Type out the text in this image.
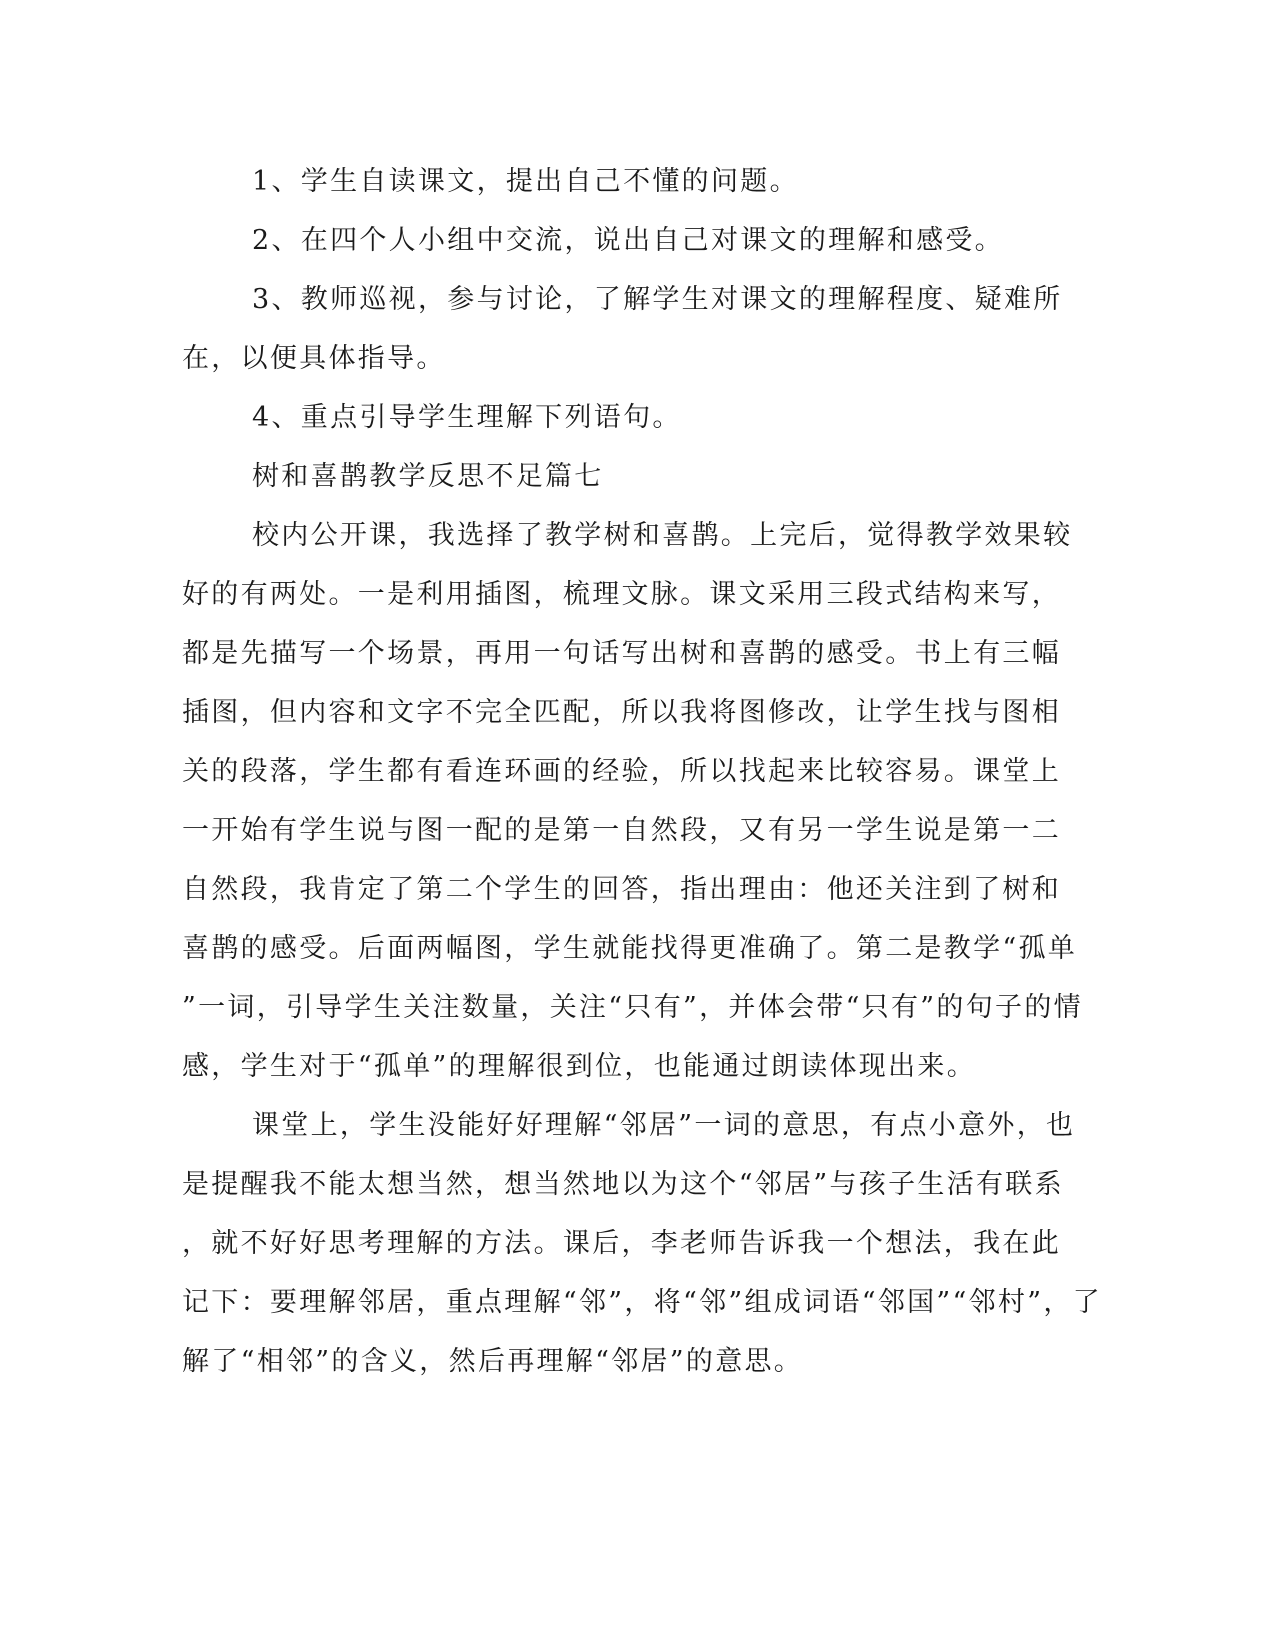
1、学生自读课文，提出自己不懂的问题。
2、在四个人小组中交流，说出自己对课文的理解和感受。
3、教师巡视，参与讨论，了解学生对课文的理解程度、疑难所
在，以便具体指导。
4、重点引导学生理解下列语句。
树和喜鹊教学反思不足篇七
校内公开课，我选择了教学树和喜鹊。上完后，觉得教学效果较
好的有两处。一是利用插图，梳理文脉。课文采用三段式结构来写，
都是先描写一个场景，再用一句话写出树和喜鹊的感受。书上有三幅
插图，但内容和文字不完全匹配，所以我将图修改，让学生找与图相
关的段落，学生都有看连环画的经验，所以找起来比较容易。课堂上
一开始有学生说与图一配的是第一自然段，又有另一学生说是第一二
自然段，我肯定了第二个学生的回答，指出理由：他还关注到了树和
喜鹊的感受。后面两幅图，学生就能找得更准确了。第二是教学“孤单
”一词，引导学生关注数量，关注“只有”，并体会带“只有”的句子的情
感，学生对于“孤单”的理解很到位，也能通过朗读体现出来。
课堂上，学生没能好好理解“邻居”一词的意思，有点小意外，也
是提醒我不能太想当然，想当然地以为这个“邻居”与孩子生活有联系
，就不好好思考理解的方法。课后，李老师告诉我一个想法，我在此
记下：要理解邻居，重点理解“邻”，将“邻”组成词语“邻国”“邻村”，了
解了“相邻”的含义，然后再理解“邻居”的意思。
